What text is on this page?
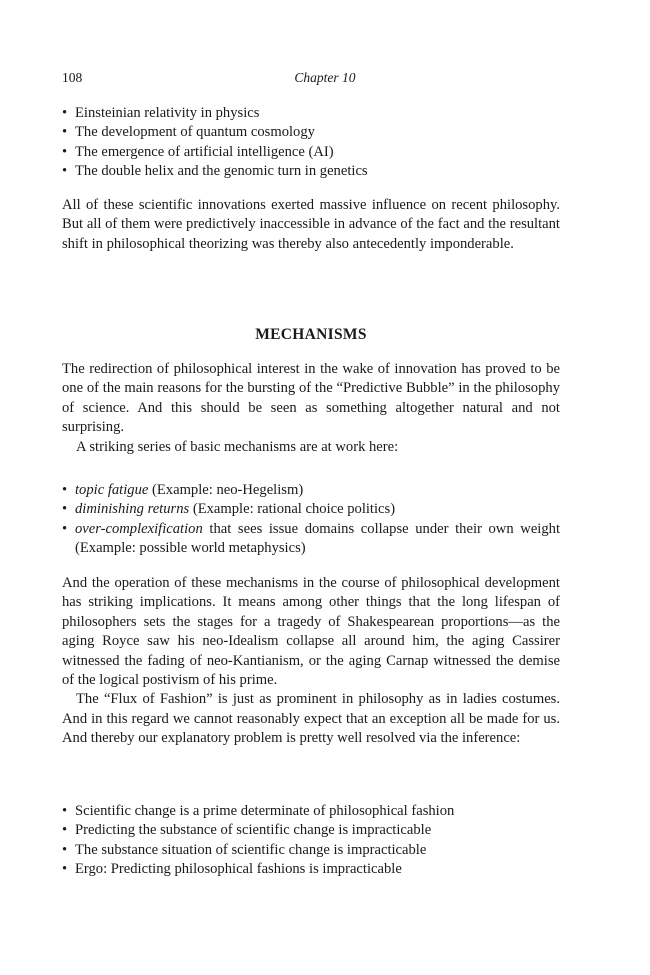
108	Chapter 10
• Einsteinian relativity in physics
• The development of quantum cosmology
• The emergence of artificial intelligence (AI)
• The double helix and the genomic turn in genetics

All of these scientific innovations exerted massive influence on recent philosophy. But all of them were predictively inaccessible in advance of the fact and the resultant shift in philosophical theorizing was thereby also antecedently imponderable.

MECHANISMS

The redirection of philosophical interest in the wake of innovation has proved to be one of the main reasons for the bursting of the “Predictive Bubble” in the philosophy of science. And this should be seen as something altogether natural and not surprising.

A striking series of basic mechanisms are at work here:

• topic fatigue (Example: neo-Hegelism)
• diminishing returns (Example: rational choice politics)
• over-complexification that sees issue domains collapse under their own weight (Example: possible world metaphysics)

And the operation of these mechanisms in the course of philosophical development has striking implications. It means among other things that the long lifespan of philosophers sets the stages for a tragedy of Shakespearean proportions—as the aging Royce saw his neo-Idealism collapse all around him, the aging Cassirer witnessed the fading of neo-Kantianism, or the aging Carnap witnessed the demise of the logical postivism of his prime.

The “Flux of Fashion” is just as prominent in philosophy as in ladies costumes. And in this regard we cannot reasonably expect that an exception all be made for us. And thereby our explanatory problem is pretty well resolved via the inference:

• Scientific change is a prime determinate of philosophical fashion
• Predicting the substance of scientific change is impracticable
• The substance situation of scientific change is impracticable
• Ergo: Predicting philosophical fashions is impracticable
